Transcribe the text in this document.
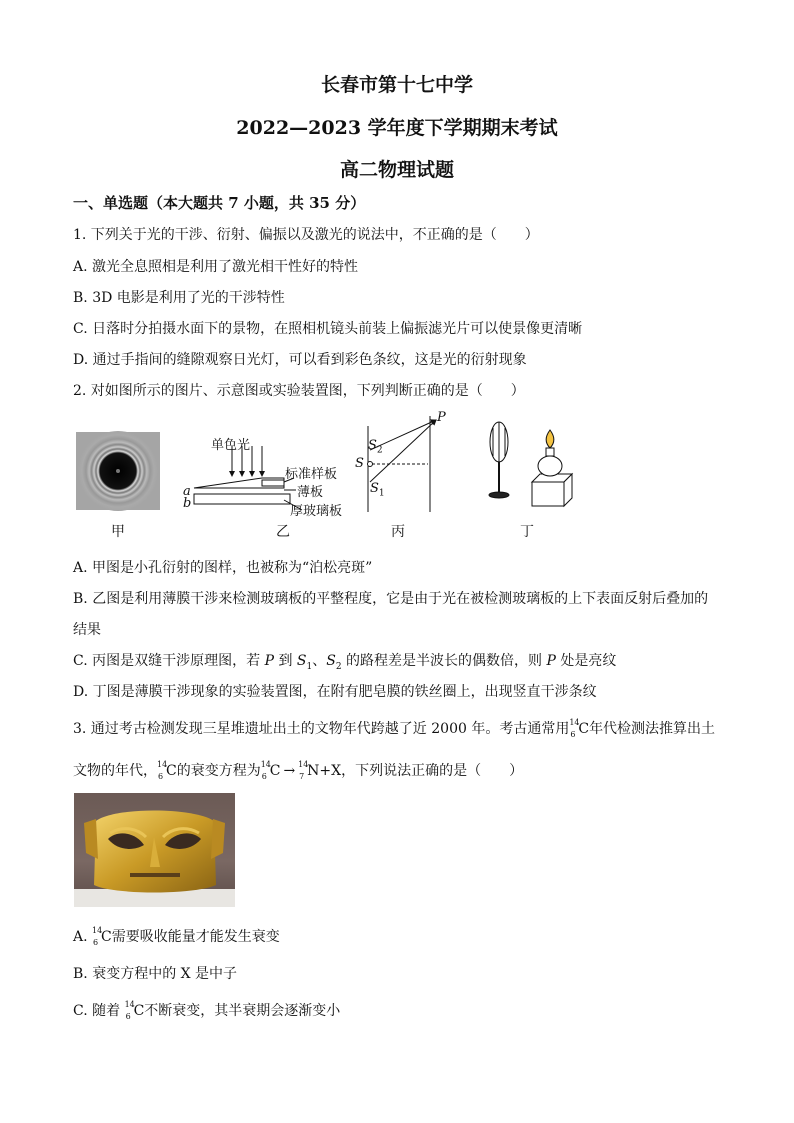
长春市第十七中学
2022—2023 学年度下学期期末考试
高二物理试题
一、单选题（本大题共 7 小题，共 35 分）
1. 下列关于光的干涉、衍射、偏振以及激光的说法中，不正确的是（　　）
A. 激光全息照相是利用了激光相干性好的特性
B. 3D 电影是利用了光的干涉特性
C. 日落时分拍摄水面下的景物，在照相机镜头前装上偏振滤光片可以使景像更清晰
D. 通过手指间的缝隙观察日光灯，可以看到彩色条纹，这是光的衍射现象
2. 对如图所示的图片、示意图或实验装置图，下列判断正确的是（　　）
单色光
标准样板
薄板
厚玻璃板
a
b
P
$S_2$
S
$S_1$
甲	乙	丙	丁
A. 甲图是小孔衍射的图样，也被称为“泊松亮斑”
B. 乙图是利用薄膜干涉来检测玻璃板的平整程度，它是由于光在被检测玻璃板的上下表面反射后叠加的
结果
C. 丙图是双缝干涉原理图，若 P 到 $S_1$、$S_2$ 的路程差是半波长的偶数倍，则 P 处是亮纹
D. 丁图是薄膜干涉现象的实验装置图，在附有肥皂膜的铁丝圈上，出现竖直干涉条纹
3. 通过考古检测发现三星堆遗址出土的文物年代跨越了近 2000 年。考古通常用 14
6 C年代检测法推算出土
文物的年代， 14
6 C的衰变方程为 14
6 C → 14
7 N+X，下列说法正确的是（　　）
A. 14
6 C需要吸收能量才能发生衰变
B. 衰变方程中的 X 是中子
C. 随着 14
6 C不断衰变，其半衰期会逐渐变小
